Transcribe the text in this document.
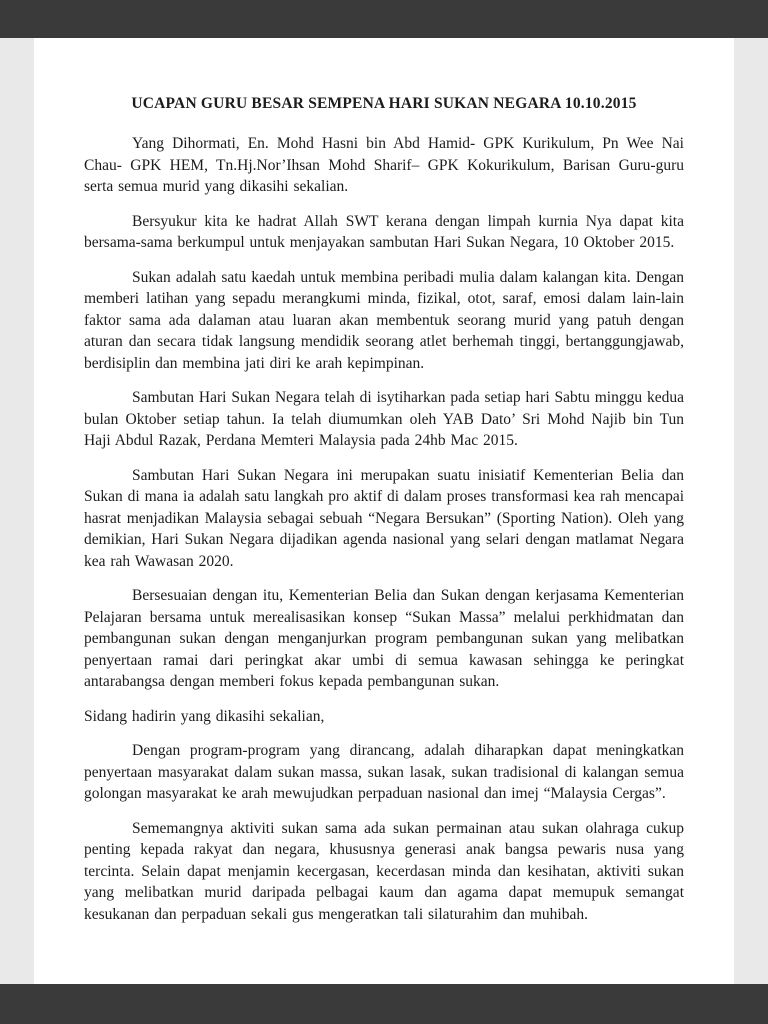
UCAPAN GURU BESAR SEMPENA HARI SUKAN NEGARA 10.10.2015

Yang Dihormati, En. Mohd Hasni bin Abd Hamid- GPK Kurikulum, Pn Wee Nai Chau- GPK HEM, Tn.Hj.Nor’Ihsan Mohd Sharif– GPK Kokurikulum, Barisan Guru-guru serta semua murid yang dikasihi sekalian.

Bersyukur kita ke hadrat Allah SWT kerana dengan limpah kurnia Nya dapat kita bersama-sama berkumpul untuk menjayakan sambutan Hari Sukan Negara, 10 Oktober 2015.

Sukan adalah satu kaedah untuk membina peribadi mulia dalam kalangan kita. Dengan memberi latihan yang sepadu merangkumi minda, fizikal, otot, saraf, emosi dalam lain-lain faktor sama ada dalaman atau luaran akan membentuk seorang murid yang patuh dengan aturan dan secara tidak langsung mendidik seorang atlet berhemah tinggi, bertanggungjawab, berdisiplin dan membina jati diri ke arah kepimpinan.

Sambutan Hari Sukan Negara telah di isytiharkan pada setiap hari Sabtu minggu kedua bulan Oktober setiap tahun. Ia telah diumumkan oleh YAB Dato’ Sri Mohd Najib bin Tun Haji Abdul Razak, Perdana Memteri Malaysia pada 24hb Mac 2015.

Sambutan Hari Sukan Negara ini merupakan suatu inisiatif Kementerian Belia dan Sukan di mana ia adalah satu langkah pro aktif di dalam proses transformasi kea rah mencapai hasrat menjadikan Malaysia sebagai sebuah “Negara Bersukan” (Sporting Nation). Oleh yang demikian, Hari Sukan Negara dijadikan agenda nasional yang selari dengan matlamat Negara kea rah Wawasan 2020.

Bersesuaian dengan itu, Kementerian Belia dan Sukan dengan kerjasama Kementerian Pelajaran bersama untuk merealisasikan konsep “Sukan Massa” melalui perkhidmatan dan pembangunan sukan dengan menganjurkan program pembangunan sukan yang melibatkan penyertaan ramai dari peringkat akar umbi di semua kawasan sehingga ke peringkat antarabangsa dengan memberi fokus kepada pembangunan sukan.

Sidang hadirin yang dikasihi sekalian,

Dengan program-program yang dirancang, adalah diharapkan dapat meningkatkan penyertaan masyarakat dalam sukan massa, sukan lasak, sukan tradisional di kalangan semua golongan masyarakat ke arah mewujudkan perpaduan nasional dan imej “Malaysia Cergas”.

Sememangnya aktiviti sukan sama ada sukan permainan atau sukan olahraga cukup penting kepada rakyat dan negara, khususnya generasi anak bangsa pewaris nusa yang tercinta. Selain dapat menjamin kecergasan, kecerdasan minda dan kesihatan, aktiviti sukan yang melibatkan murid daripada pelbagai kaum dan agama dapat memupuk semangat kesukanan dan perpaduan sekali gus mengeratkan tali silaturahim dan muhibah.
